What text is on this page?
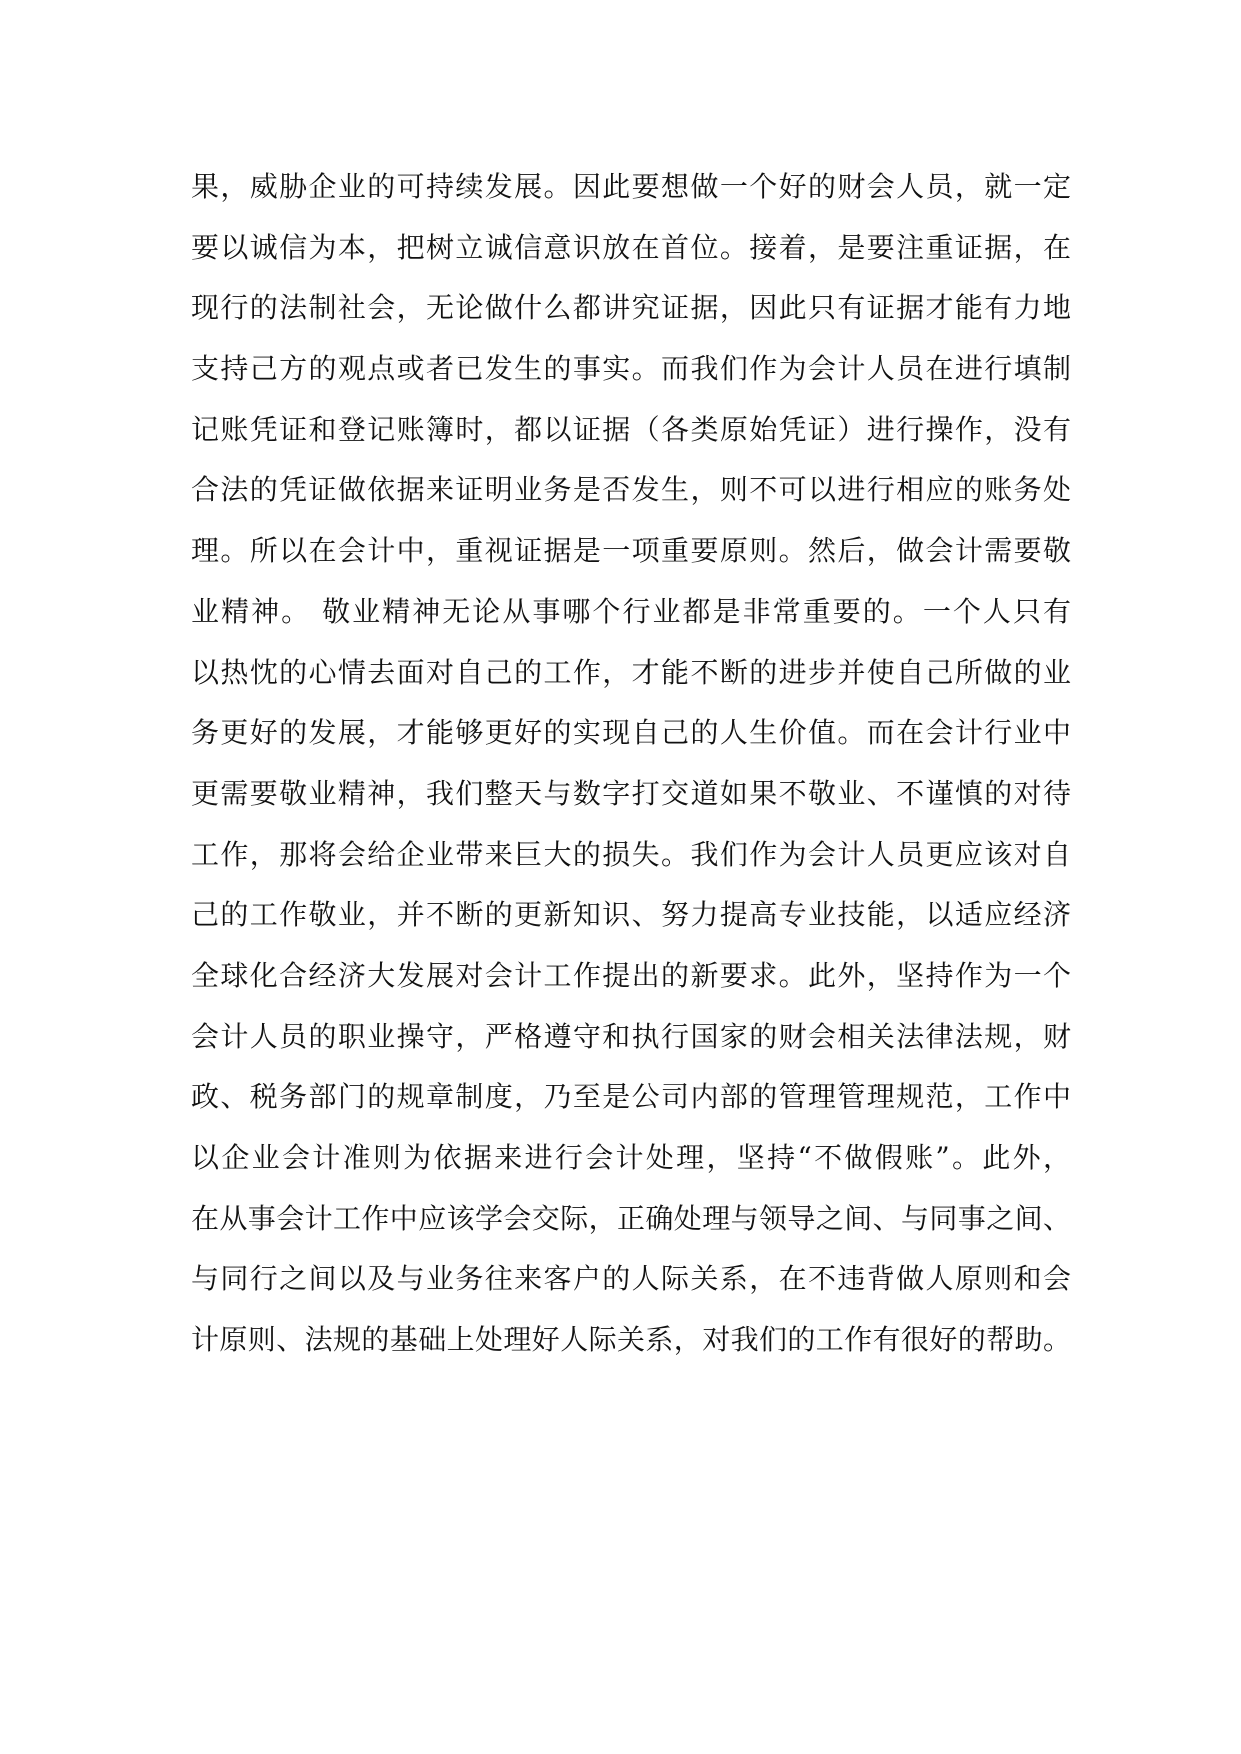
果，威胁企业的可持续发展。因此要想做一个好的财会人员，就一定
要以诚信为本，把树立诚信意识放在首位。接着，是要注重证据，在
现行的法制社会，无论做什么都讲究证据，因此只有证据才能有力地
支持己方的观点或者已发生的事实。而我们作为会计人员在进行填制
记账凭证和登记账簿时，都以证据（各类原始凭证）进行操作，没有
合法的凭证做依据来证明业务是否发生，则不可以进行相应的账务处
理。所以在会计中，重视证据是一项重要原则。然后，做会计需要敬
业精神。 敬业精神无论从事哪个行业都是非常重要的。一个人只有
以热忱的心情去面对自己的工作，才能不断的进步并使自己所做的业
务更好的发展，才能够更好的实现自己的人生价值。而在会计行业中
更需要敬业精神，我们整天与数字打交道如果不敬业、不谨慎的对待
工作，那将会给企业带来巨大的损失。我们作为会计人员更应该对自
己的工作敬业，并不断的更新知识、努力提高专业技能，以适应经济
全球化合经济大发展对会计工作提出的新要求。此外，坚持作为一个
会计人员的职业操守，严格遵守和执行国家的财会相关法律法规，财
政、税务部门的规章制度，乃至是公司内部的管理管理规范，工作中
以企业会计准则为依据来进行会计处理，坚持“不做假账”。此外，
在从事会计工作中应该学会交际，正确处理与领导之间、与同事之间、
与同行之间以及与业务往来客户的人际关系，在不违背做人原则和会
计原则、法规的基础上处理好人际关系，对我们的工作有很好的帮助。
